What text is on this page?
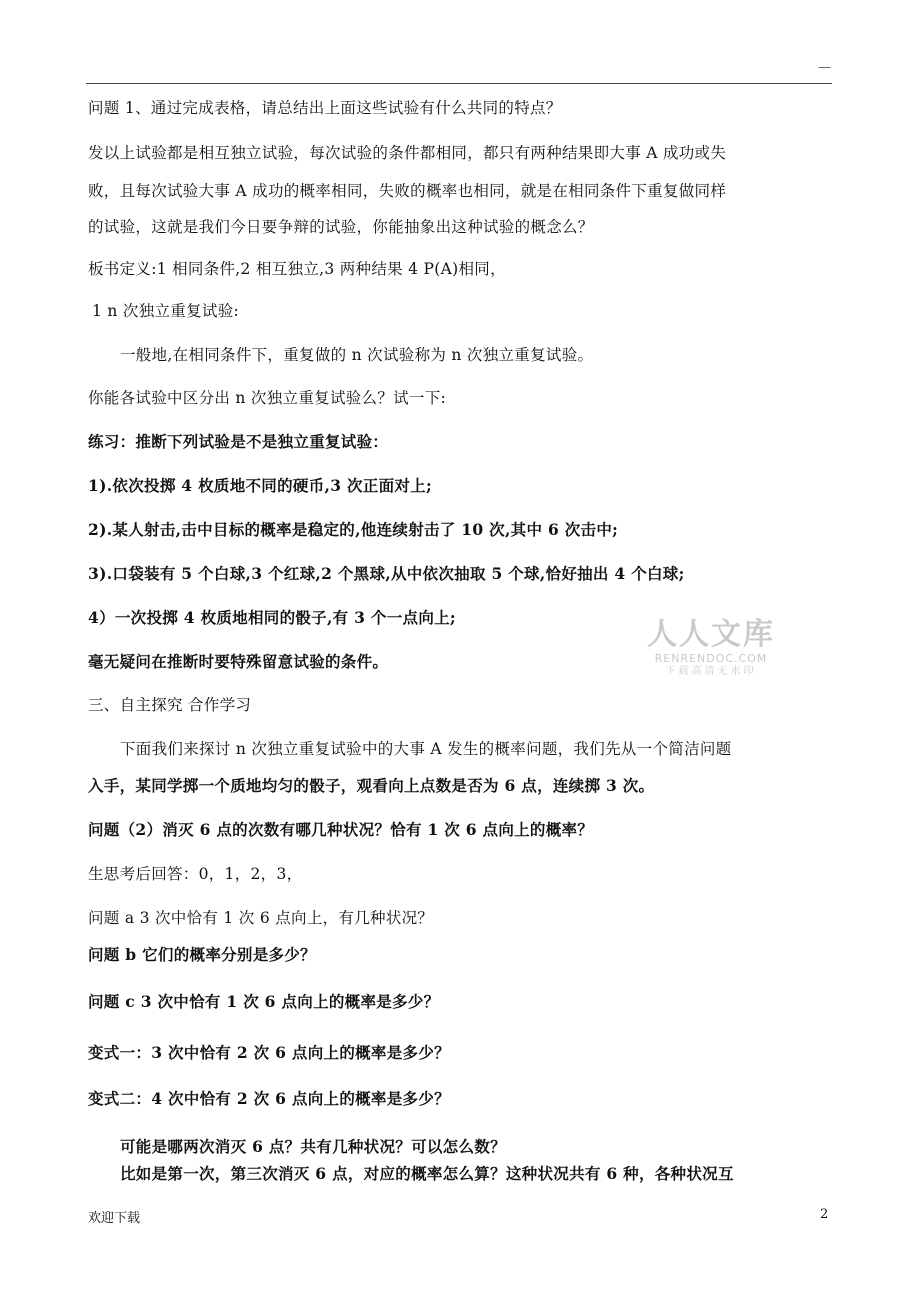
—
问题 1、通过完成表格，请总结出上面这些试验有什么共同的特点？
发以上试验都是相互独立试验，每次试验的条件都相同，都只有两种结果即大事 A 成功或失
败，且每次试验大事 A 成功的概率相同，失败的概率也相同，就是在相同条件下重复做同样
的试验，这就是我们今日要争辩的试验，你能抽象出这种试验的概念么？
板书定义:1 相同条件,2 相互独立,3 两种结果 4 P(A)相同，
1 n 次独立重复试验:
一般地,在相同条件下，重复做的 n 次试验称为 n 次独立重复试验。
你能各试验中区分出 n 次独立重复试验么？试一下:
练习：推断下列试验是不是独立重复试验：
1).依次投掷 4 枚质地不同的硬币,3 次正面对上;
2).某人射击,击中目标的概率是稳定的,他连续射击了 10 次,其中 6 次击中;
3).口袋装有 5 个白球,3 个红球,2 个黑球,从中依次抽取 5 个球,恰好抽出 4 个白球;
4）一次投掷 4 枚质地相同的骰子,有 3 个一点向上;
毫无疑问在推断时要特殊留意试验的条件。
三、自主探究 合作学习
下面我们来探讨 n 次独立重复试验中的大事 A 发生的概率问题，我们先从一个简洁问题
入手，某同学掷一个质地均匀的骰子，观看向上点数是否为 6 点，连续掷 3 次。
问题（2）消灭 6 点的次数有哪几种状况？恰有 1 次 6 点向上的概率？
生思考后回答：0，1，2，3，
问题 a 3 次中恰有 1 次 6 点向上，有几种状况？
问题 b 它们的概率分别是多少？
问题 c 3 次中恰有 1 次 6 点向上的概率是多少？
变式一：3 次中恰有 2 次 6 点向上的概率是多少？
变式二：4 次中恰有 2 次 6 点向上的概率是多少？
可能是哪两次消灭 6 点？共有几种状况？可以怎么数？
比如是第一次，第三次消灭 6 点，对应的概率怎么算？这种状况共有 6 种，各种状况互
人人文库
RENRENDOC.COM
下载高清无水印
欢迎下载	2
